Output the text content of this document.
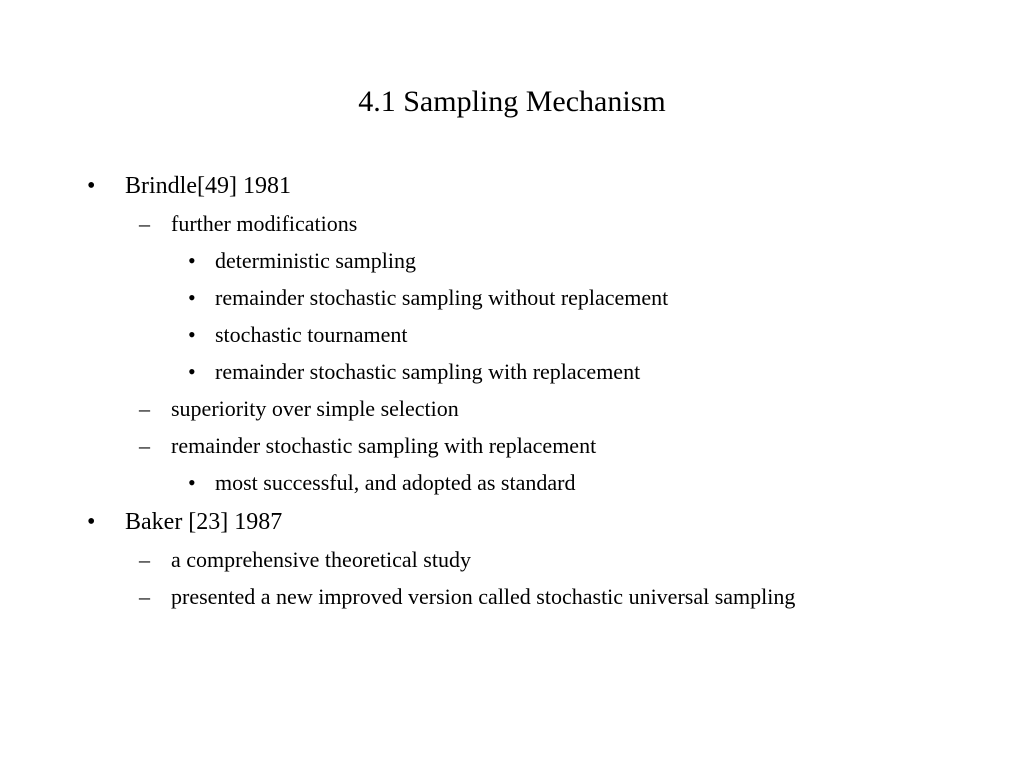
4.1 Sampling Mechanism
• Brindle[49] 1981
– further modifications
• deterministic sampling
• remainder stochastic sampling without replacement
• stochastic tournament
• remainder stochastic sampling with replacement
– superiority over simple selection
– remainder stochastic sampling with replacement
• most successful, and adopted as standard
• Baker [23] 1987
– a comprehensive theoretical study
– presented a new improved version called stochastic universal sampling
